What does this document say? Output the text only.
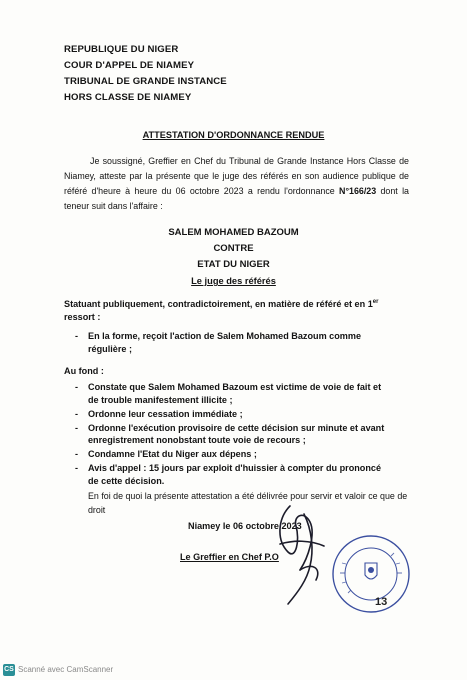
REPUBLIQUE DU NIGER
COUR D'APPEL DE NIAMEY
TRIBUNAL DE GRANDE INSTANCE
HORS CLASSE DE NIAMEY
ATTESTATION D'ORDONNANCE RENDUE
Je soussigné, Greffier en Chef du Tribunal de Grande Instance Hors Classe de Niamey, atteste par la présente que le juge des référés en son audience publique de référé d'heure à heure du 06 octobre 2023 a rendu l'ordonnance N°166/23 dont la teneur suit dans l'affaire :
SALEM MOHAMED BAZOUM
CONTRE
ETAT DU NIGER
Le juge des référés
Statuant publiquement, contradictoirement, en matière de référé et en 1er ressort :
- En la forme, reçoit l'action de Salem Mohamed Bazoum comme régulière ;
Au fond :
- Constate que Salem Mohamed Bazoum est victime de voie de fait et de trouble manifestement illicite ;
- Ordonne leur cessation immédiate ;
- Ordonne l'exécution provisoire de cette décision sur minute et avant enregistrement nonobstant toute voie de recours ;
- Condamne l'Etat du Niger aux dépens ;
- Avis d'appel : 15 jours par exploit d'huissier à compter du prononcé de cette décision.
En foi de quoi la présente attestation a été délivrée pour servir et valoir ce que de droit
Niamey le 06 octobre 2023
Le Greffier en Chef P.O
13
CS Scanné avec CamScanner
